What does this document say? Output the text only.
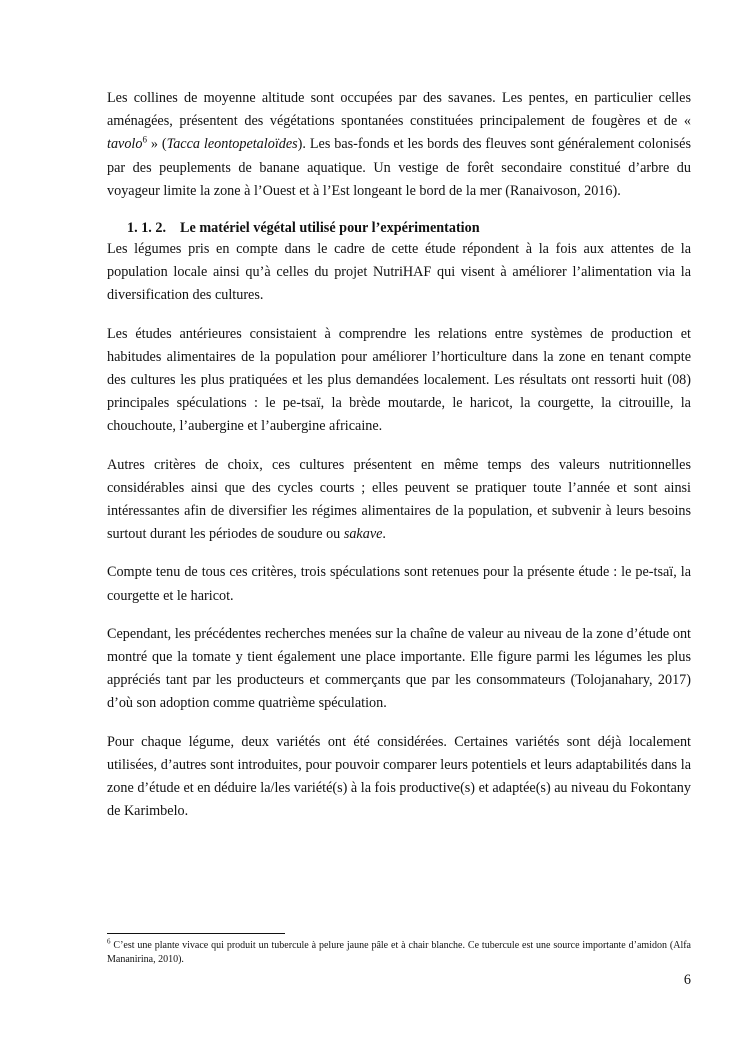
Les collines de moyenne altitude sont occupées par des savanes. Les pentes, en particulier celles aménagées, présentent des végétations spontanées constituées principalement de fougères et de « tavolo$^6$ » (Tacca leontopetaloïdes). Les bas-fonds et les bords des fleuves sont généralement colonisés par des peuplements de banane aquatique. Un vestige de forêt secondaire constitué d’arbre du voyageur limite la zone à l’Ouest et à l’Est longeant le bord de la mer (Ranaivoson, 2016).

1. 1. 2. Le matériel végétal utilisé pour l’expérimentation

Les légumes pris en compte dans le cadre de cette étude répondent à la fois aux attentes de la population locale ainsi qu’à celles du projet NutriHAF qui visent à améliorer l’alimentation via la diversification des cultures.

Les études antérieures consistaient à comprendre les relations entre systèmes de production et habitudes alimentaires de la population pour améliorer l’horticulture dans la zone en tenant compte des cultures les plus pratiquées et les plus demandées localement. Les résultats ont ressorti huit (08) principales spéculations : le pe-tsaï, la brède moutarde, le haricot, la courgette, la citrouille, la chouchoute, l’aubergine et l’aubergine africaine.

Autres critères de choix, ces cultures présentent en même temps des valeurs nutritionnelles considérables ainsi que des cycles courts ; elles peuvent se pratiquer toute l’année et sont ainsi intéressantes afin de diversifier les régimes alimentaires de la population, et subvenir à leurs besoins surtout durant les périodes de soudure ou sakave.

Compte tenu de tous ces critères, trois spéculations sont retenues pour la présente étude : le pe-tsaï, la courgette et le haricot.

Cependant, les précédentes recherches menées sur la chaîne de valeur au niveau de la zone d’étude ont montré que la tomate y tient également une place importante. Elle figure parmi les légumes les plus appréciés tant par les producteurs et commerçants que par les consommateurs (Tolojanahary, 2017) d’où son adoption comme quatrième spéculation.

Pour chaque légume, deux variétés ont été considérées. Certaines variétés sont déjà localement utilisées, d’autres sont introduites, pour pouvoir comparer leurs potentiels et leurs adaptabilités dans la zone d’étude et en déduire la/les variété(s) à la fois productive(s) et adaptée(s) au niveau du Fokontany de Karimbelo.

$^6$ C’est une plante vivace qui produit un tubercule à pelure jaune pâle et à chair blanche. Ce tubercule est une source importante d’amidon (Alfa Mananirina, 2010).
6
